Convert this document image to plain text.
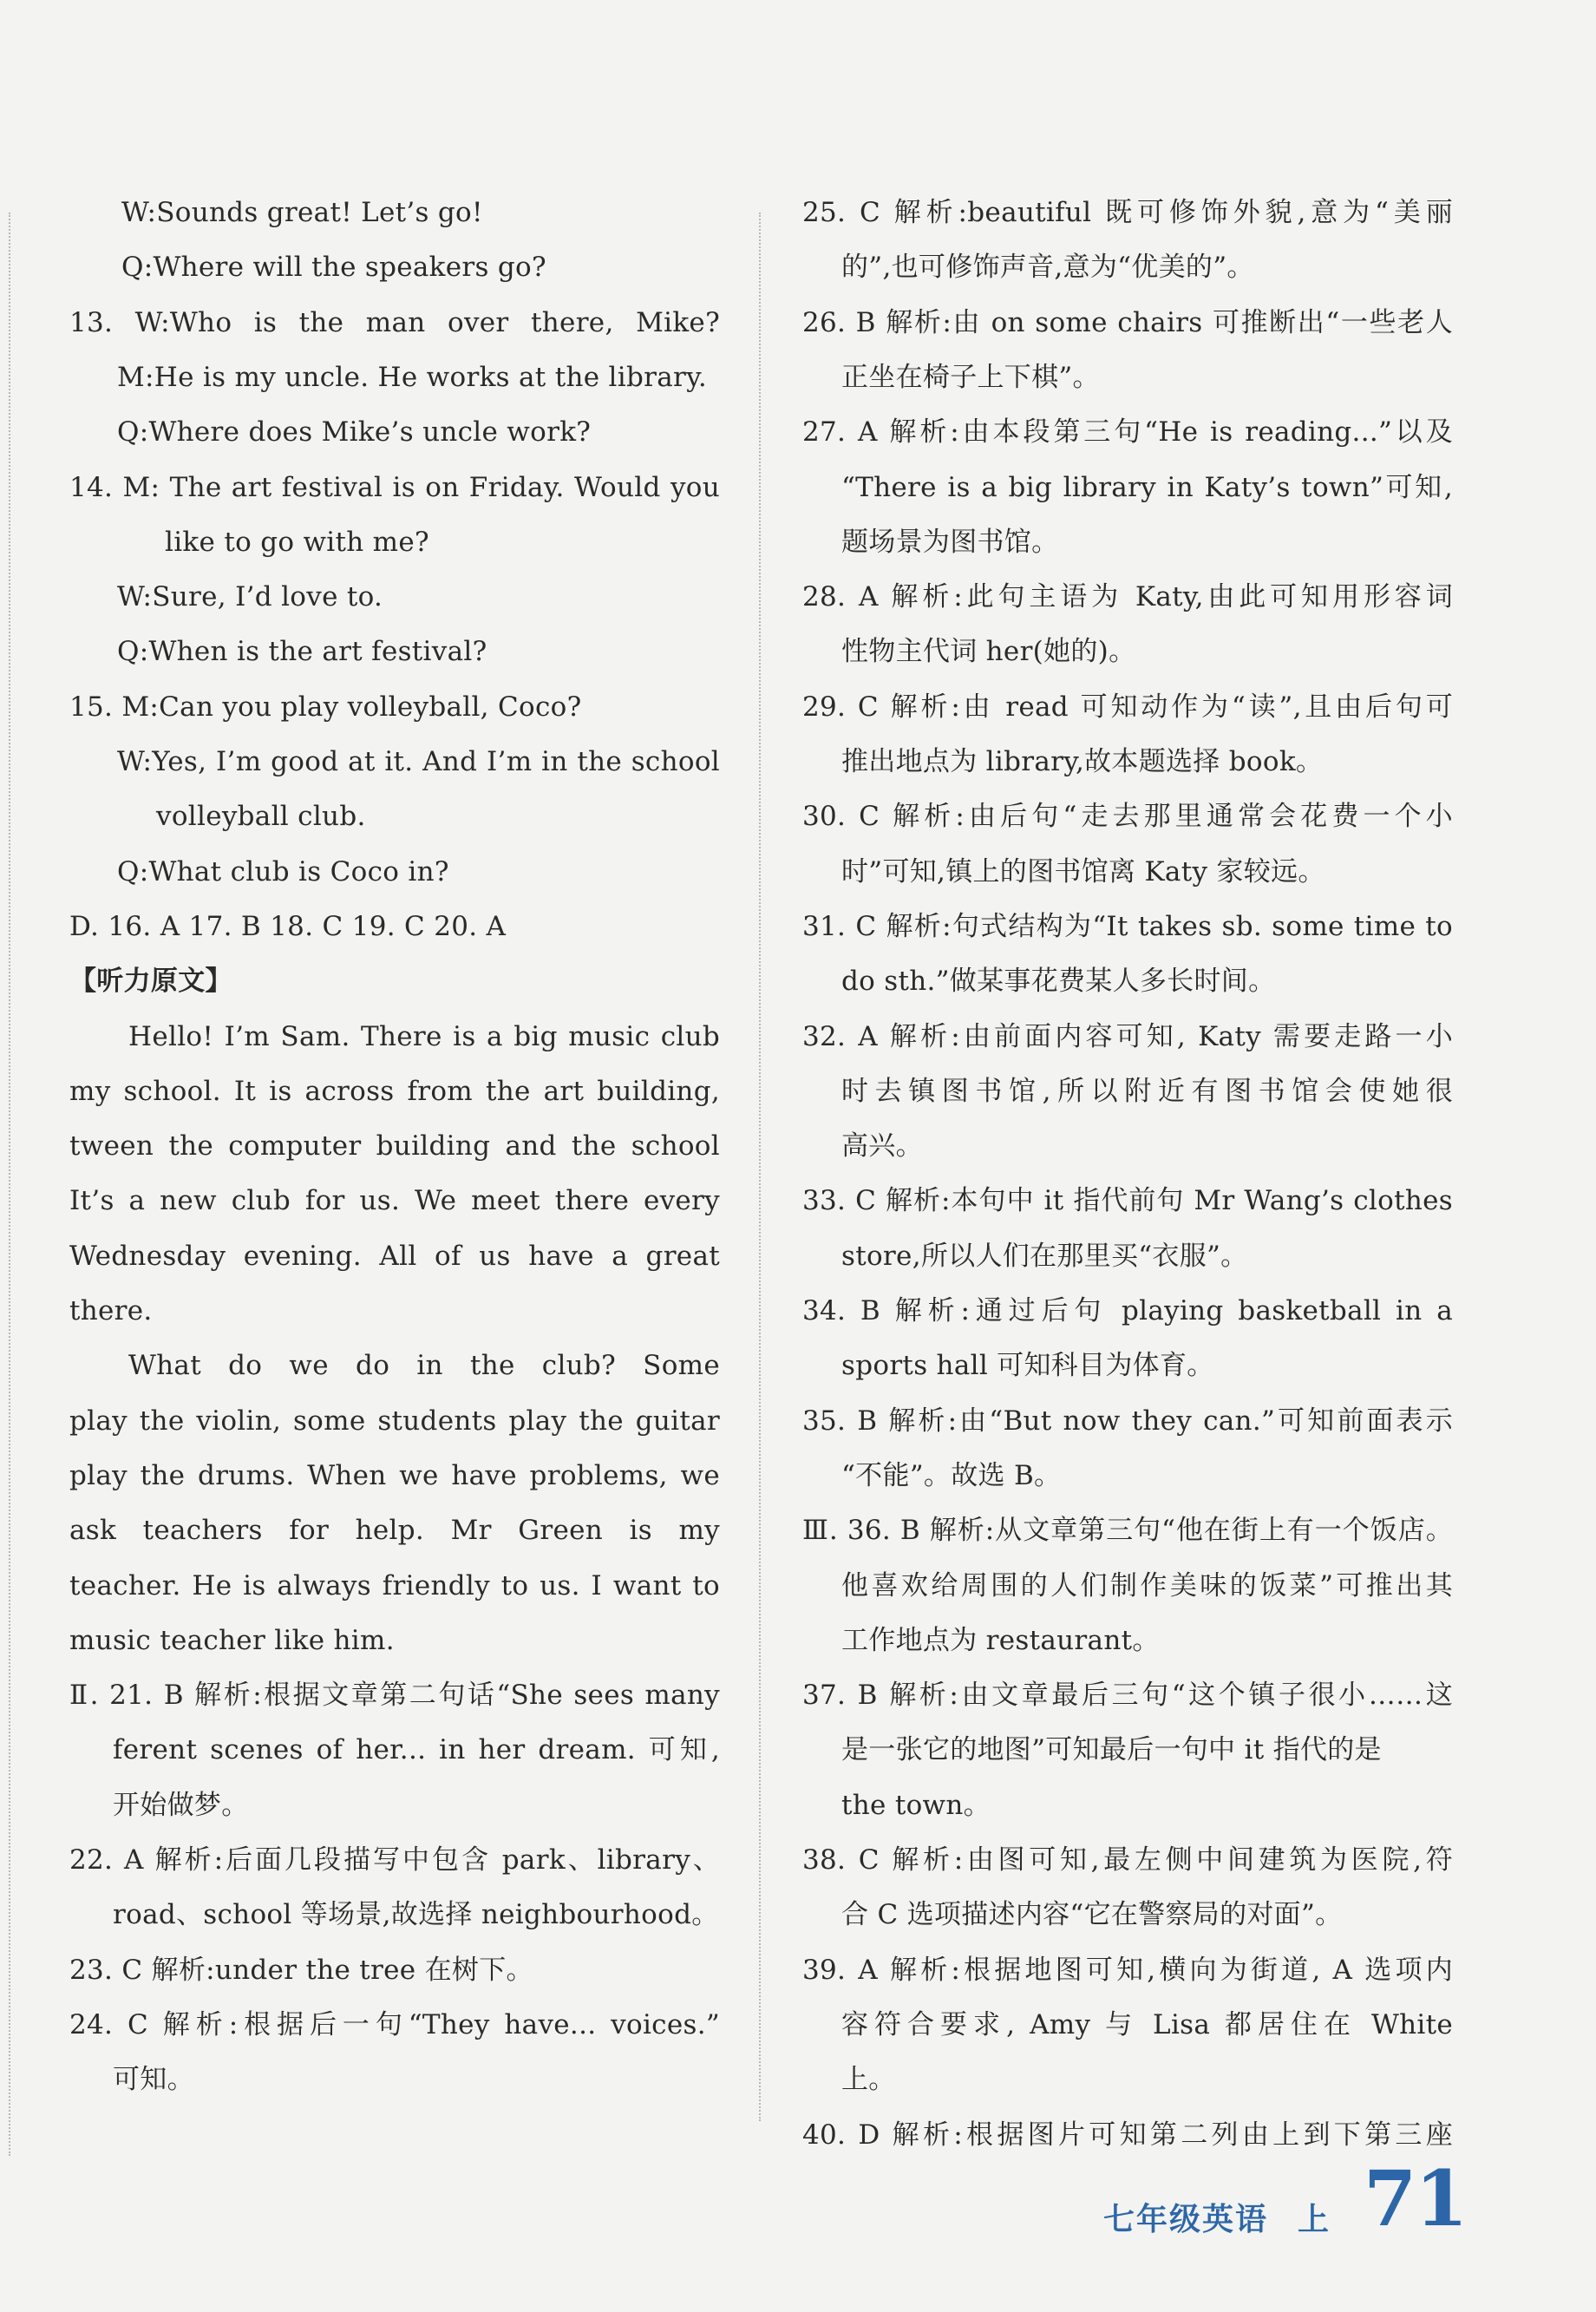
W:Sounds great! Let’s go!
Q:Where will the speakers go?
13. W:Who is the man over there, Mike?
M:He is my uncle. He works at the library.
Q:Where does Mike’s uncle work?
14. M: The art festival is on Friday. Would you
like to go with me?
W:Sure, I’d love to.
Q:When is the art festival?
15. M:Can you play volleyball, Coco?
W:Yes, I’m good at it. And I’m in the school
volleyball club.
Q:What club is Coco in?
D. 16. A 17. B 18. C 19. C 20. A
【听力原文】
Hello! I’m Sam. There is a big music club
my school. It is across from the art building,
tween the computer building and the school
It’s a new club for us. We meet there every
Wednesday evening. All of us have a great
there.
What do we do in the club? Some
play the violin, some students play the guitar
play the drums. When we have problems, we
ask teachers for help. Mr Green is my
teacher. He is always friendly to us. I want to
music teacher like him.
Ⅱ. 21. B 解析:根据文章第二句话“She sees many
ferent scenes of her... in her dream. 可知,
开始做梦。
22. A 解析:后面几段描写中包含 park、library、
road、school 等场景,故选择 neighbourhood。
23. C 解析:under the tree 在树下。
24. C 解析:根据后一句“They have... voices.”
可知。
25. C 解析:beautiful 既可修饰外貌,意为“美丽
的”,也可修饰声音,意为“优美的”。
26. B 解析:由 on some chairs 可推断出“一些老人
正坐在椅子上下棋”。
27. A 解析:由本段第三句“He is reading...”以及
“There is a big library in Katy’s town”可知,
题场景为图书馆。
28. A 解析:此句主语为 Katy,由此可知用形容词
性物主代词 her(她的)。
29. C 解析:由 read 可知动作为“读”,且由后句可
推出地点为 library,故本题选择 book。
30. C 解析:由后句“走去那里通常会花费一个小
时”可知,镇上的图书馆离 Katy 家较远。
31. C 解析:句式结构为“It takes sb. some time to
do sth.”做某事花费某人多长时间。
32. A 解析:由前面内容可知, Katy 需要走路一小
时去镇图书馆,所以附近有图书馆会使她很
高兴。
33. C 解析:本句中 it 指代前句 Mr Wang’s clothes
store,所以人们在那里买“衣服”。
34. B 解析:通过后句 playing basketball in a
sports hall 可知科目为体育。
35. B 解析:由“But now they can.”可知前面表示
“不能”。故选 B。
Ⅲ. 36. B 解析:从文章第三句“他在街上有一个饭店。
他喜欢给周围的人们制作美味的饭菜”可推出其
工作地点为 restaurant。
37. B 解析:由文章最后三句“这个镇子很小……这
是一张它的地图”可知最后一句中 it 指代的是
the town。
38. C 解析:由图可知,最左侧中间建筑为医院,符
合 C 选项描述内容“它在警察局的对面”。
39. A 解析:根据地图可知,横向为街道, A 选项内
容符合要求, Amy 与 Lisa 都居住在 White
上。
40. D 解析:根据图片可知第二列由上到下第三座
七年级英语 上 71
